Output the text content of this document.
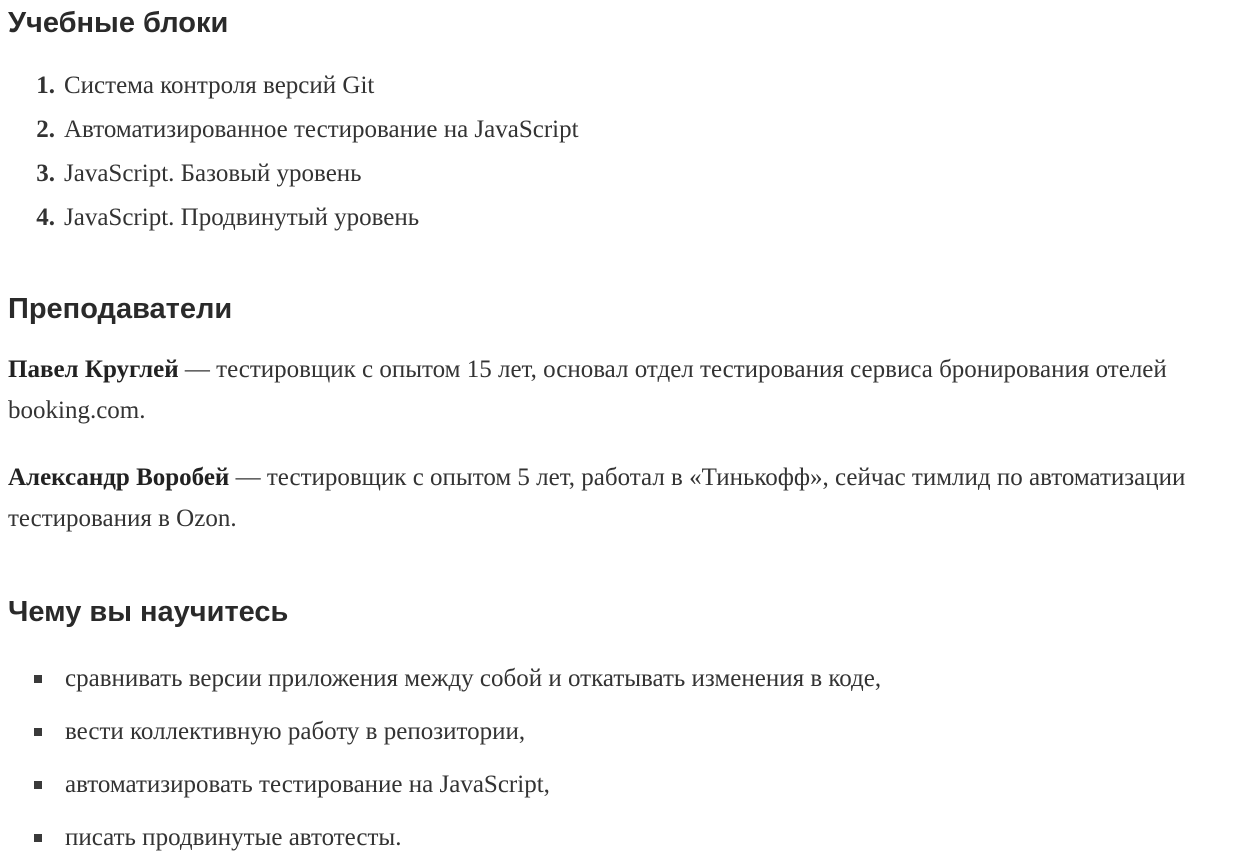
Учебные блоки
1. Система контроля версий Git
2. Автоматизированное тестирование на JavaScript
3. JavaScript. Базовый уровень
4. JavaScript. Продвинутый уровень
Преподаватели

Павел Круглей — тестировщик с опытом 15 лет, основал отдел тестирования сервиса бронирования отелей booking.com.

Александр Воробей — тестировщик с опытом 5 лет, работал в «Тинькофф», сейчас тимлид по автоматизации тестирования в Ozon.

Чему вы научитесь
сравнивать версии приложения между собой и откатывать изменения в коде,
вести коллективную работу в репозитории,
автоматизировать тестирование на JavaScript,
писать продвинутые автотесты.
